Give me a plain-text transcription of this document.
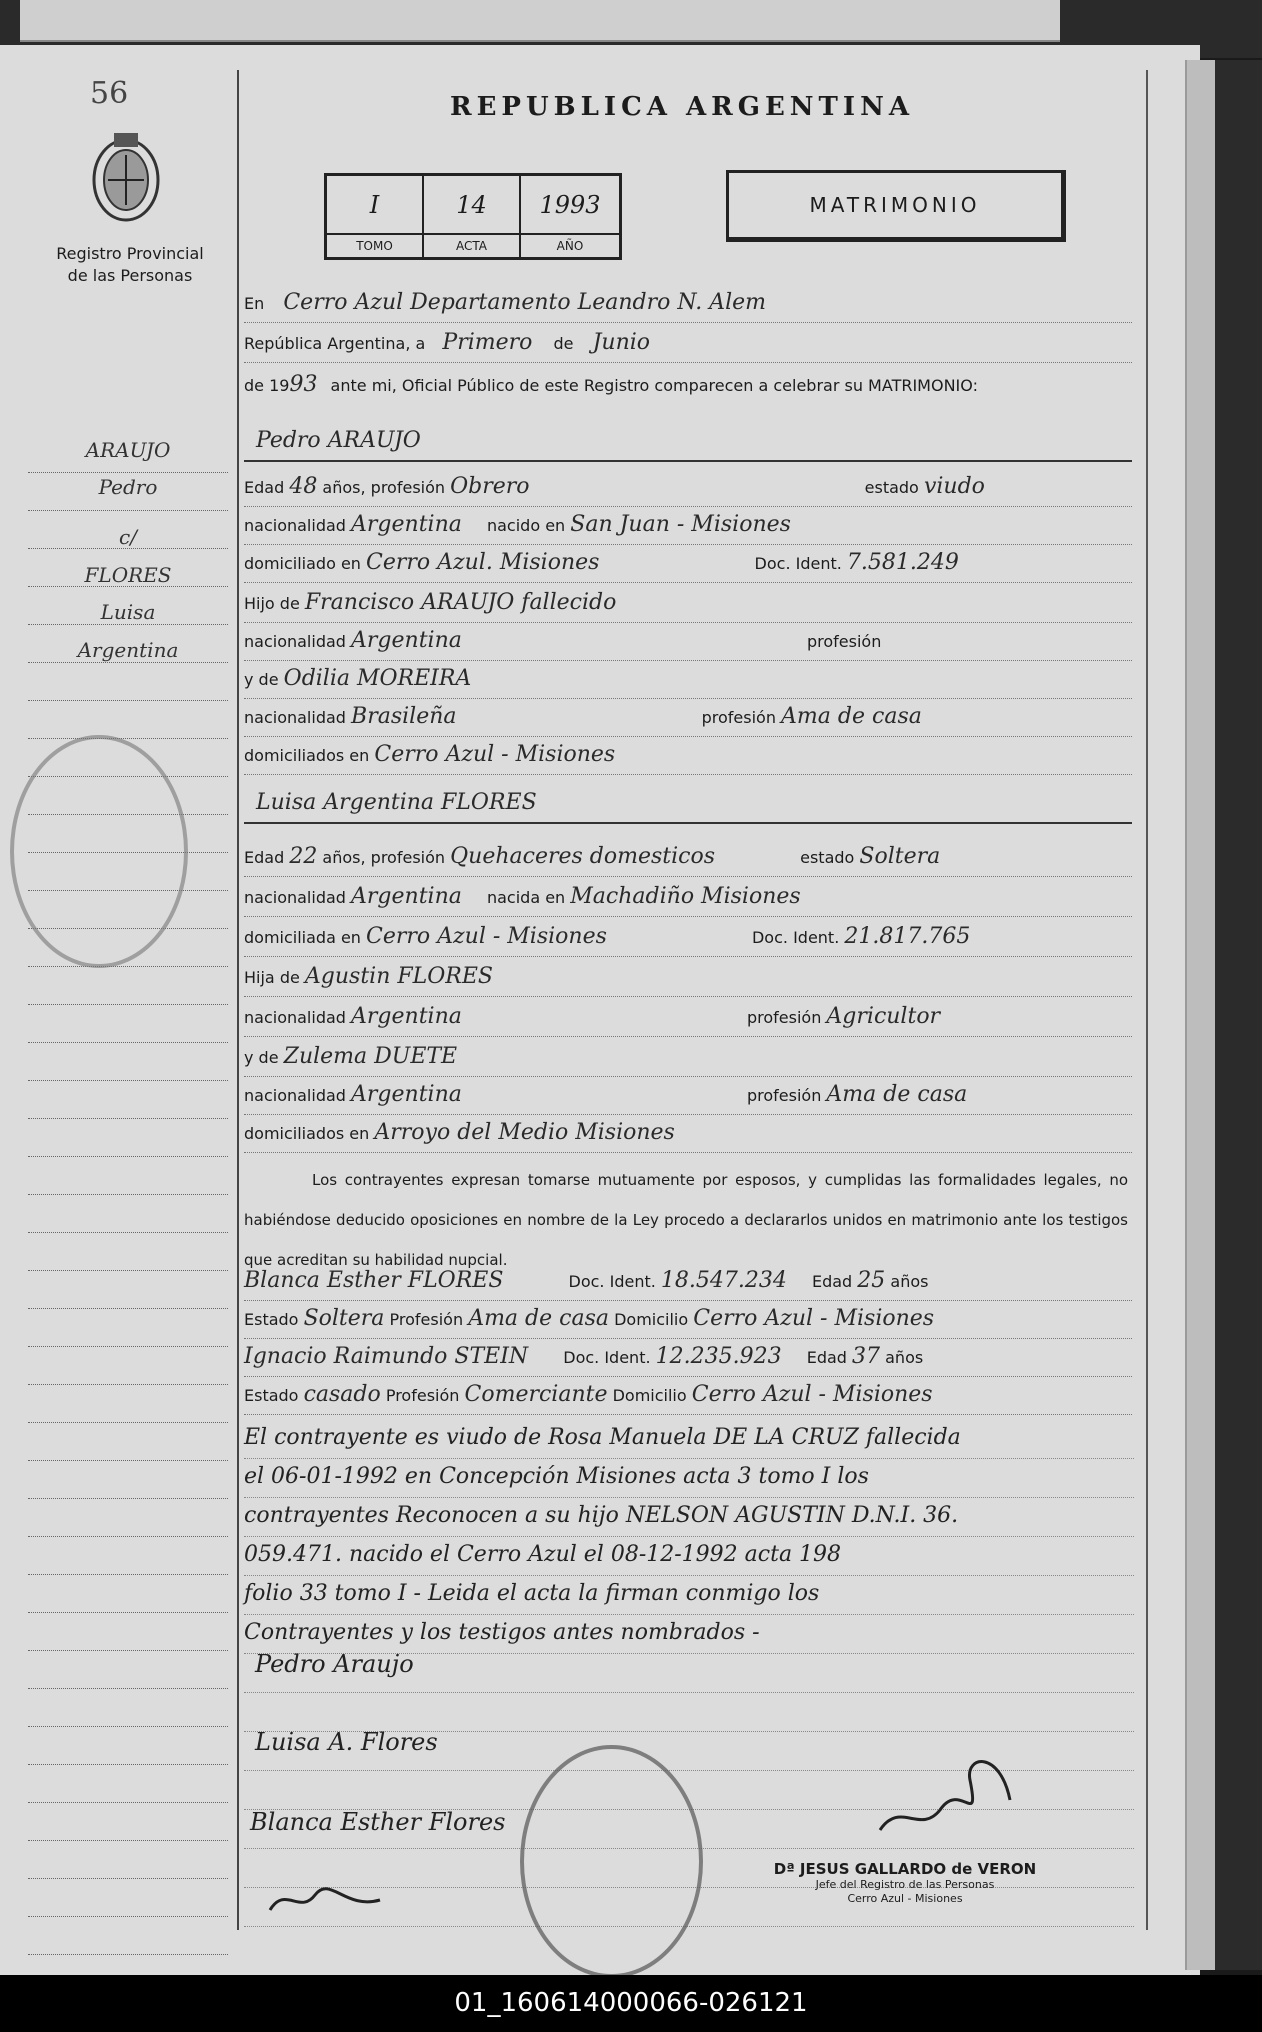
56
Registro Provincial
de las Personas
REPUBLICA ARGENTINA
I
TOMO
14
ACTA
1993
AÑO
MATRIMONIO
En Cerro Azul Departamento Leandro N. Alem
República Argentina, a Primero de Junio
de 1993 ante mi, Oficial Público de este Registro comparecen a celebrar su MATRIMONIO:
ARAUJO
Pedro
c/
FLORES
Luisa
Argentina
Pedro ARAUJO
Edad 48 años, profesión Obrero	estado viudo
nacionalidad Argentina nacido en San Juan - Misiones
domiciliado en Cerro Azul. Misiones	Doc. Ident. 7.581.249
Hijo de Francisco ARAUJO fallecido
nacionalidad Argentina	profesión
y de Odilia MOREIRA
nacionalidad Brasileña	profesión Ama de casa
domiciliados en Cerro Azul - Misiones
Luisa Argentina FLORES
Edad 22 años, profesión Quehaceres domesticos	estado Soltera
nacionalidad Argentina nacida en Machadiño Misiones
domiciliada en Cerro Azul - Misiones	Doc. Ident. 21.817.765
Hija de Agustin FLORES
nacionalidad Argentina	profesión Agricultor
y de Zulema DUETE
nacionalidad Argentina	profesión Ama de casa
domiciliados en Arroyo del Medio Misiones
Los contrayentes expresan tomarse mutuamente por esposos, y cumplidas las formalidades legales, no habiéndose deducido oposiciones en nombre de la Ley procedo a declararlos unidos en matrimonio ante los testigos que acreditan su habilidad nupcial.
Blanca Esther FLORES	Doc. Ident. 18.547.234 Edad 25 años
Estado Soltera Profesión Ama de casa Domicilio Cerro Azul - Misiones
Ignacio Raimundo STEIN Doc. Ident. 12.235.923 Edad 37 años
Estado casado Profesión Comerciante Domicilio Cerro Azul - Misiones
El contrayente es viudo de Rosa Manuela DE LA CRUZ fallecida
el 06-01-1992 en Concepción Misiones acta 3 tomo I los
contrayentes Reconocen a su hijo NELSON AGUSTIN D.N.I. 36.
059.471. nacido el Cerro Azul el 08-12-1992 acta 198
folio 33 tomo I - Leida el acta la firman conmigo los
Contrayentes y los testigos antes nombrados -
Pedro Araujo
Luisa A. Flores
Blanca Esther Flores
Dª JESUS GALLARDO de VERON
Jefe del Registro de las Personas
Cerro Azul - Misiones
01_160614000066-026121
